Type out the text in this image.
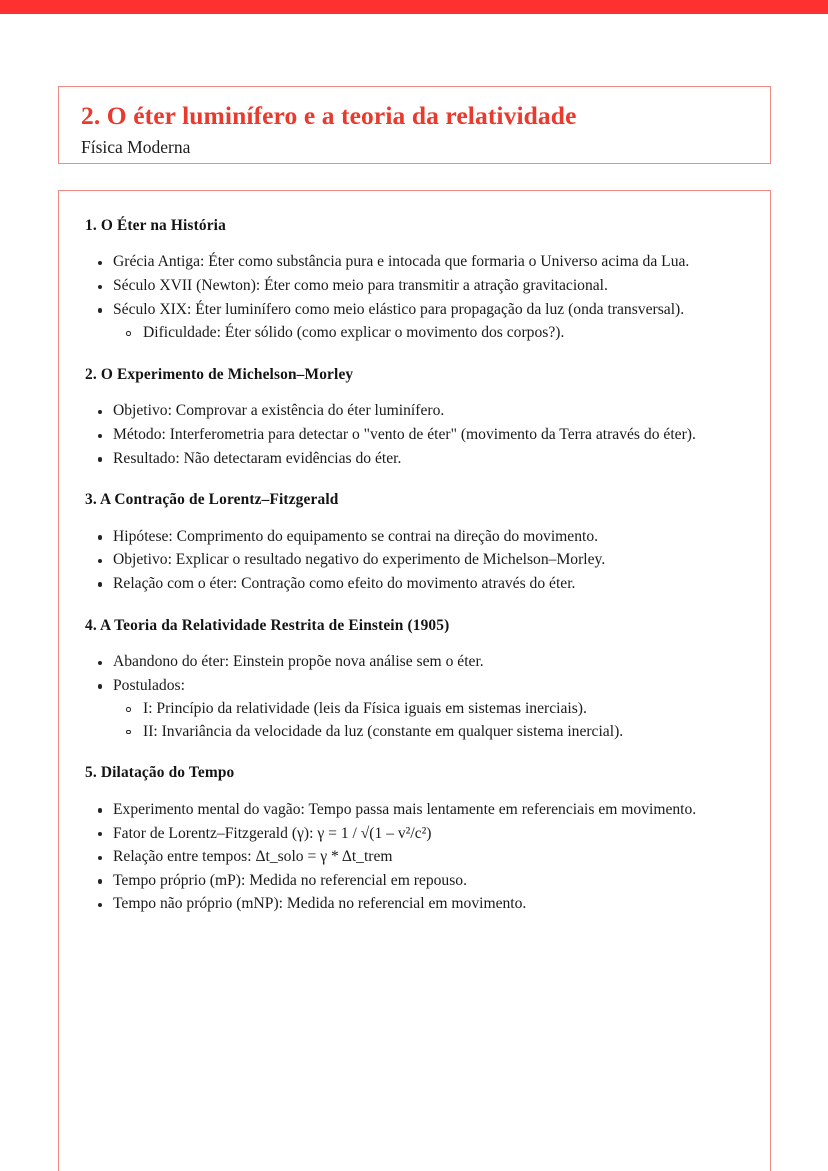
2. O éter luminífero e a teoria da relatividade
Física Moderna
1. O Éter na História
Grécia Antiga: Éter como substância pura e intocada que formaria o Universo acima da Lua.
Século XVII (Newton): Éter como meio para transmitir a atração gravitacional.
Século XIX: Éter luminífero como meio elástico para propagação da luz (onda transversal).
Dificuldade: Éter sólido (como explicar o movimento dos corpos?).
2. O Experimento de Michelson–Morley
Objetivo: Comprovar a existência do éter luminífero.
Método: Interferometria para detectar o "vento de éter" (movimento da Terra através do éter).
Resultado: Não detectaram evidências do éter.
3. A Contração de Lorentz–Fitzgerald
Hipótese: Comprimento do equipamento se contrai na direção do movimento.
Objetivo: Explicar o resultado negativo do experimento de Michelson–Morley.
Relação com o éter: Contração como efeito do movimento através do éter.
4. A Teoria da Relatividade Restrita de Einstein (1905)
Abandono do éter: Einstein propõe nova análise sem o éter.
Postulados:
I: Princípio da relatividade (leis da Física iguais em sistemas inerciais).
II: Invariância da velocidade da luz (constante em qualquer sistema inercial).
5. Dilatação do Tempo
Experimento mental do vagão: Tempo passa mais lentamente em referenciais em movimento.
Fator de Lorentz–Fitzgerald (γ): γ = 1 / √(1 – v²/c²)
Relação entre tempos: Δt_solo = γ * Δt_trem
Tempo próprio (mP): Medida no referencial em repouso.
Tempo não próprio (mNP): Medida no referencial em movimento.
